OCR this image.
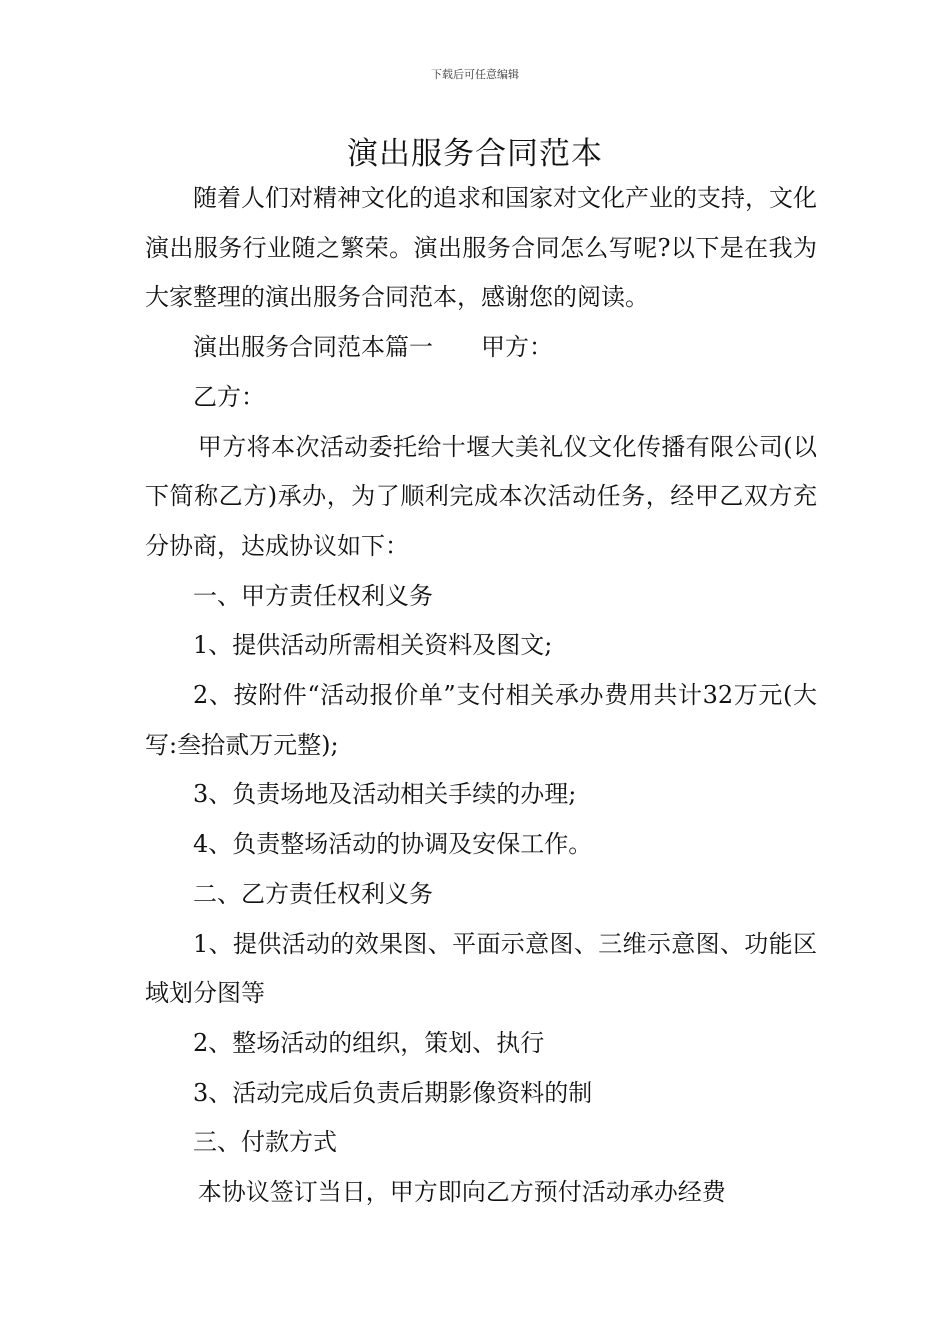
下载后可任意编辑
演出服务合同范本

随着人们对精神文化的追求和国家对文化产业的支持，文化演出服务行业随之繁荣。演出服务合同怎么写呢?以下是在我为大家整理的演出服务合同范本，感谢您的阅读。

演出服务合同范本篇一　　甲方：

乙方：

甲方将本次活动委托给十堰大美礼仪文化传播有限公司(以下简称乙方)承办，为了顺利完成本次活动任务，经甲乙双方充分协商，达成协议如下：

一、甲方责任权利义务

1、提供活动所需相关资料及图文;

2、按附件“活动报价单”支付相关承办费用共计32万元(大写:叁拾贰万元整);

3、负责场地及活动相关手续的办理;

4、负责整场活动的协调及安保工作。

二、乙方责任权利义务

1、提供活动的效果图、平面示意图、三维示意图、功能区域划分图等

2、整场活动的组织，策划、执行

3、活动完成后负责后期影像资料的制

三、付款方式

本协议签订当日，甲方即向乙方预付活动承办经费
